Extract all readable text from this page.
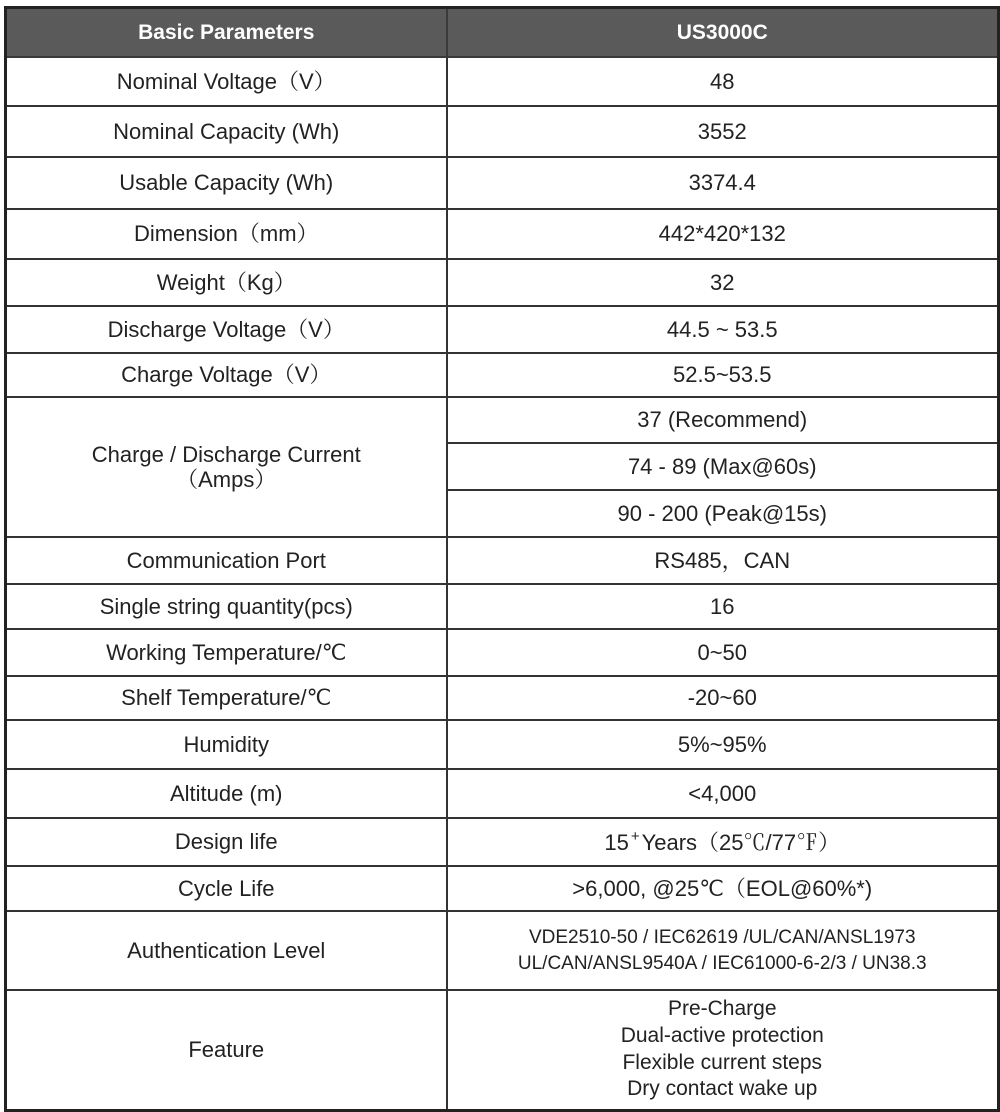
Basic Parameters	US3000C
Nominal Voltage（V）	48
Nominal Capacity (Wh)	3552
Usable Capacity (Wh)	3374.4
Dimension（mm）	442*420*132
Weight（Kg）	32
Discharge Voltage（V）	44.5 ~ 53.5
Charge Voltage（V）	52.5~53.5

Charge / Discharge Current
（Amps）	37 (Recommend)
	74 - 89 (Max@60s)
	90 - 200 (Peak@15s)
Communication Port	RS485，CAN
Single string quantity(pcs)	16
Working Temperature/℃	0~50
Shelf Temperature/℃	-20~60
Humidity	5%~95%
Altitude (m)	<4,000
Design life	15 +Years（25℃/77℉）
Cycle Life	>6,000, @25℃（EOL@60%*)
Authentication Level	VDE2510-50 / IEC62619 /UL/CAN/ANSL1973
UL/CAN/ANSL9540A / IEC61000-6-2/3 / UN38.3

Feature	Pre-Charge
Dual-active protection
Flexible current steps
Dry contact wake up
